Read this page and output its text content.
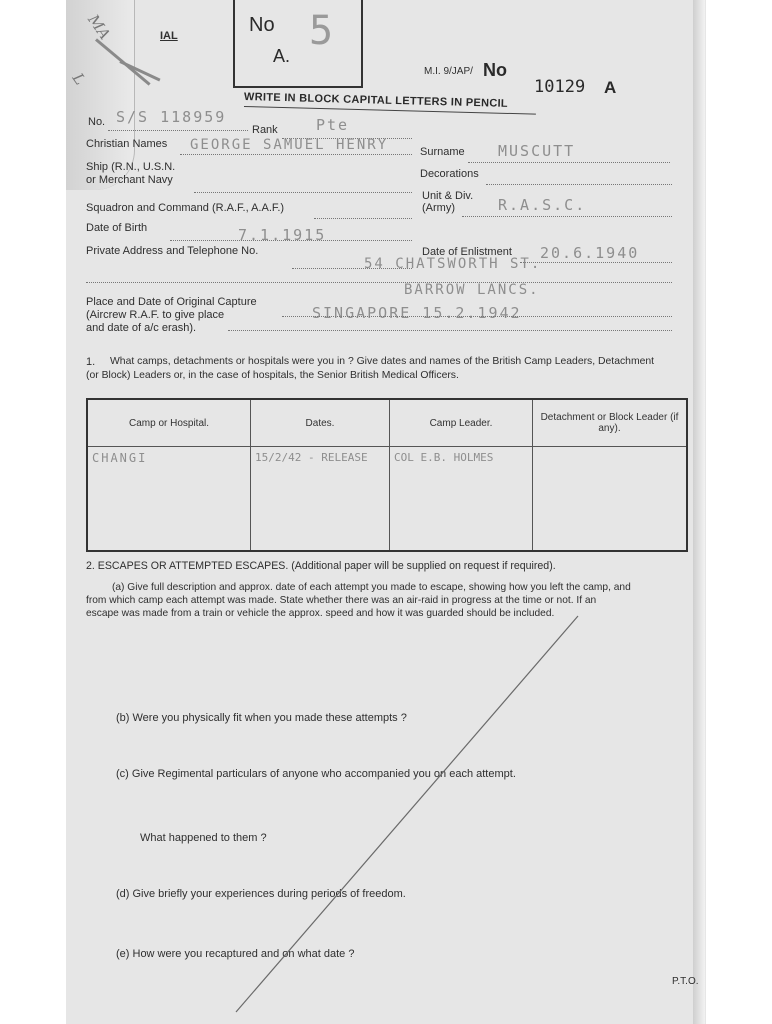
MA
L
IAL	No
A.
5
M.I. 9/JAP/ No
10129 A
WRITE IN BLOCK CAPITAL LETTERS IN PENCIL
No. S/S 118959
Rank	Pte
Christian Names GEORGE SAMUEL HENRY	Surname MUSCUTT
Ship (R.N., U.S.N.
or Merchant Navy	Decorations
Unit & Div.
(Army)	R.A.S.C.
Squadron and Command (R.A.F., A.A.F.)
Date of Birth	7.1.1915
Date of Enlistment 20.6.1940
Private Address and Telephone No.
54 CHATSWORTH ST.
BARROW LANCS.
Place and Date of Original Capture
(Aircrew R.A.F. to give place
and date of a/c erash).
SINGAPORE 15.2.1942
1. What camps, detachments or hospitals were you in ? Give dates and names of the British Camp Leaders, Detachment
(or Block) Leaders or, in the case of hospitals, the Senior British Medical Officers.
Camp or Hospital.	Dates.	Camp Leader.	Detachment or Block Leader (if any).
CHANGI	15/2/42 - RELEASE	COL E.B. HOLMES	
2. ESCAPES OR ATTEMPTED ESCAPES. (Additional paper will be supplied on request if required).
(a) Give full description and approx. date of each attempt you made to escape, showing how you left the camp, and
from which camp each attempt was made. State whether there was an air-raid in progress at the time or not. If an
escape was made from a train or vehicle the approx. speed and how it was guarded should be included.
(b) Were you physically fit when you made these attempts ?
(c) Give Regimental particulars of anyone who accompanied you on each attempt.
What happened to them ?
(d) Give briefly your experiences during periods of freedom.
(e) How were you recaptured and on what date ?
P.T.O.
